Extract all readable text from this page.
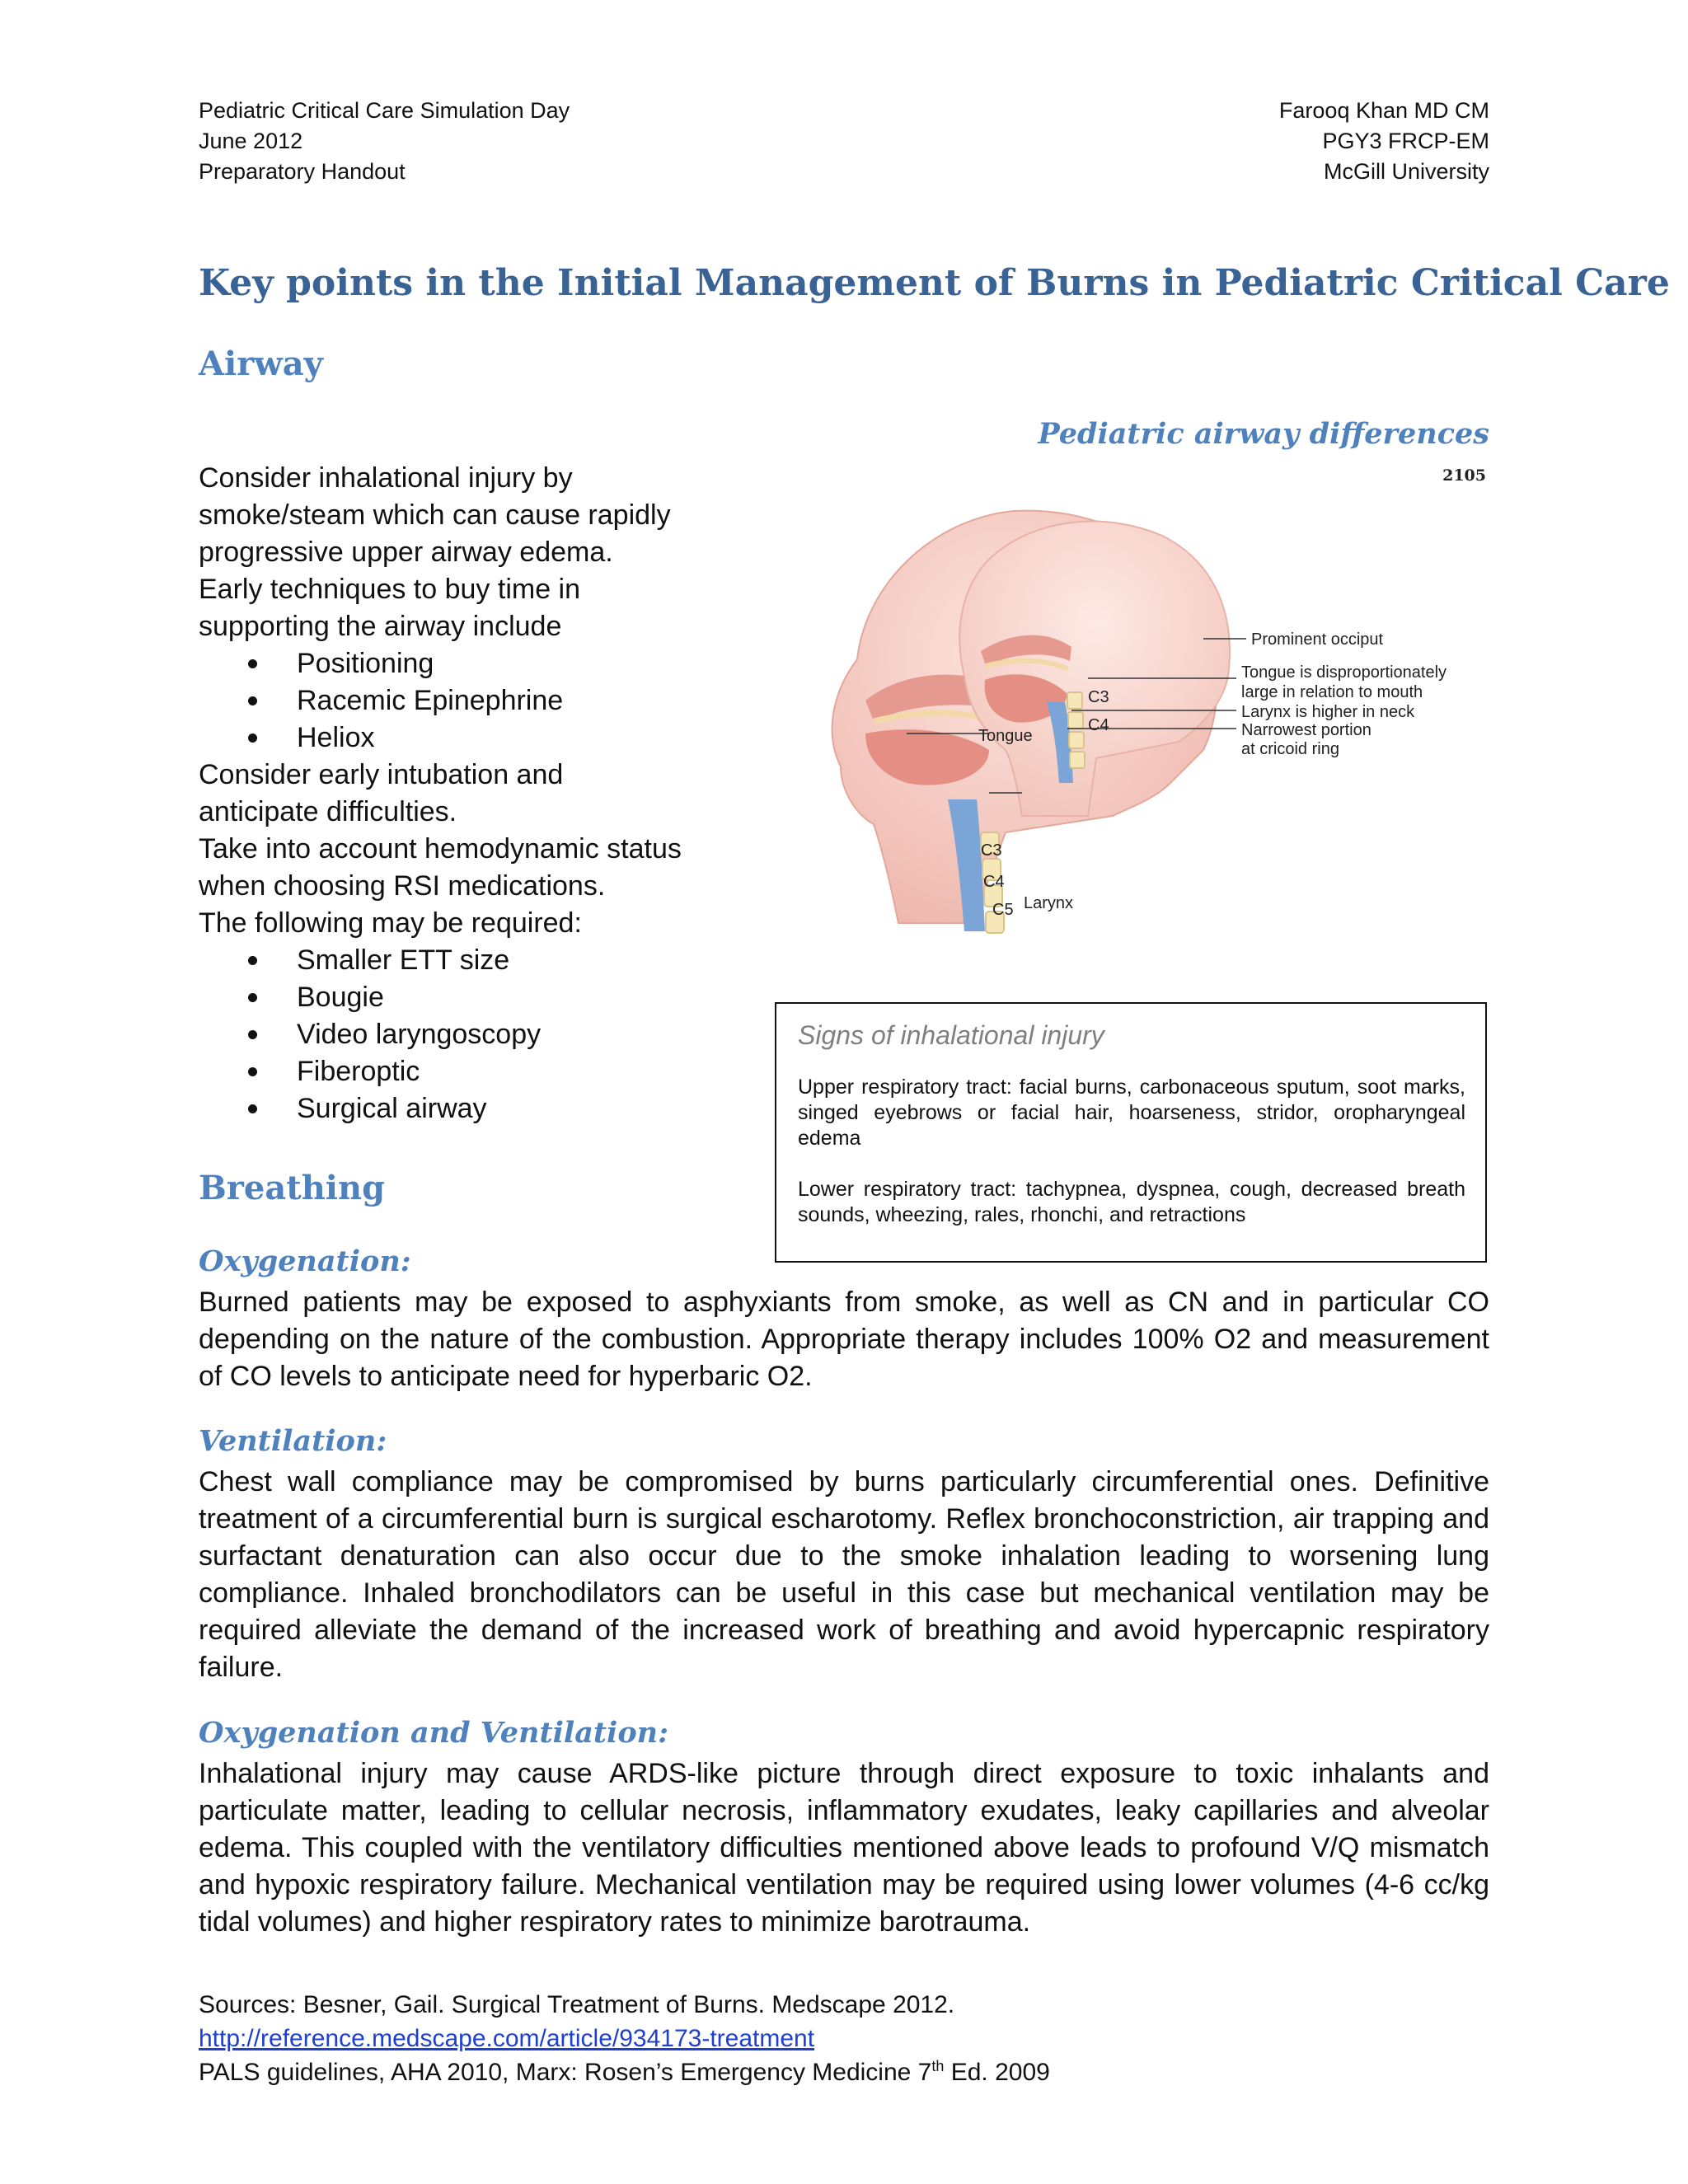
Pediatric Critical Care Simulation Day
June 2012
Preparatory Handout
Farooq Khan MD CM
PGY3 FRCP-EM
McGill University
Key points in the Initial Management of Burns in Pediatric Critical Care
Airway

Consider inhalational injury by

smoke/steam which can cause rapidly

progressive upper airway edema.

Early techniques to buy time in

supporting the airway include

Positioning
Racemic Epinephrine
Heliox

Consider early intubation and

anticipate difficulties.

Take into account hemodynamic status

when choosing RSI medications.

The following may be required:

Smaller ETT size
Bougie
Video laryngoscopy
Fiberoptic
Surgical airway
Pediatric airway differences
2105
Prominent occiput
Tongue is disproportionately
large in relation to mouth
Larynx is higher in neck
Narrowest portion
at cricoid ring
C3
C4
Tongue
C3
C4
C5 Larynx
Signs of inhalational injury
Upper respiratory tract: facial burns, carbonaceous sputum, soot marks, singed eyebrows or facial hair, hoarseness, stridor, oropharyngeal edema
Lower respiratory tract: tachypnea, dyspnea, cough, decreased breath sounds, wheezing, rales, rhonchi, and retractions
Breathing
Oxygenation:
Burned patients may be exposed to asphyxiants from smoke, as well as CN and in particular CO depending on the nature of the combustion. Appropriate therapy includes 100% O2 and measurement of CO levels to anticipate need for hyperbaric O2.
Ventilation:
Chest wall compliance may be compromised by burns particularly circumferential ones. Definitive treatment of a circumferential burn is surgical escharotomy. Reflex bronchoconstriction, air trapping and surfactant denaturation can also occur due to the smoke inhalation leading to worsening lung compliance. Inhaled bronchodilators can be useful in this case but mechanical ventilation may be required alleviate the demand of the increased work of breathing and avoid hypercapnic respiratory failure.
Oxygenation and Ventilation:
Inhalational injury may cause ARDS-like picture through direct exposure to toxic inhalants and particulate matter, leading to cellular necrosis, inflammatory exudates, leaky capillaries and alveolar edema. This coupled with the ventilatory difficulties mentioned above leads to profound V/Q mismatch and hypoxic respiratory failure. Mechanical ventilation may be required using lower volumes (4-6 cc/kg tidal volumes) and higher respiratory rates to minimize barotrauma.
Sources: Besner, Gail. Surgical Treatment of Burns. Medscape 2012.
http://reference.medscape.com/article/934173-treatment
PALS guidelines, AHA 2010, Marx: Rosen’s Emergency Medicine 7th Ed. 2009
